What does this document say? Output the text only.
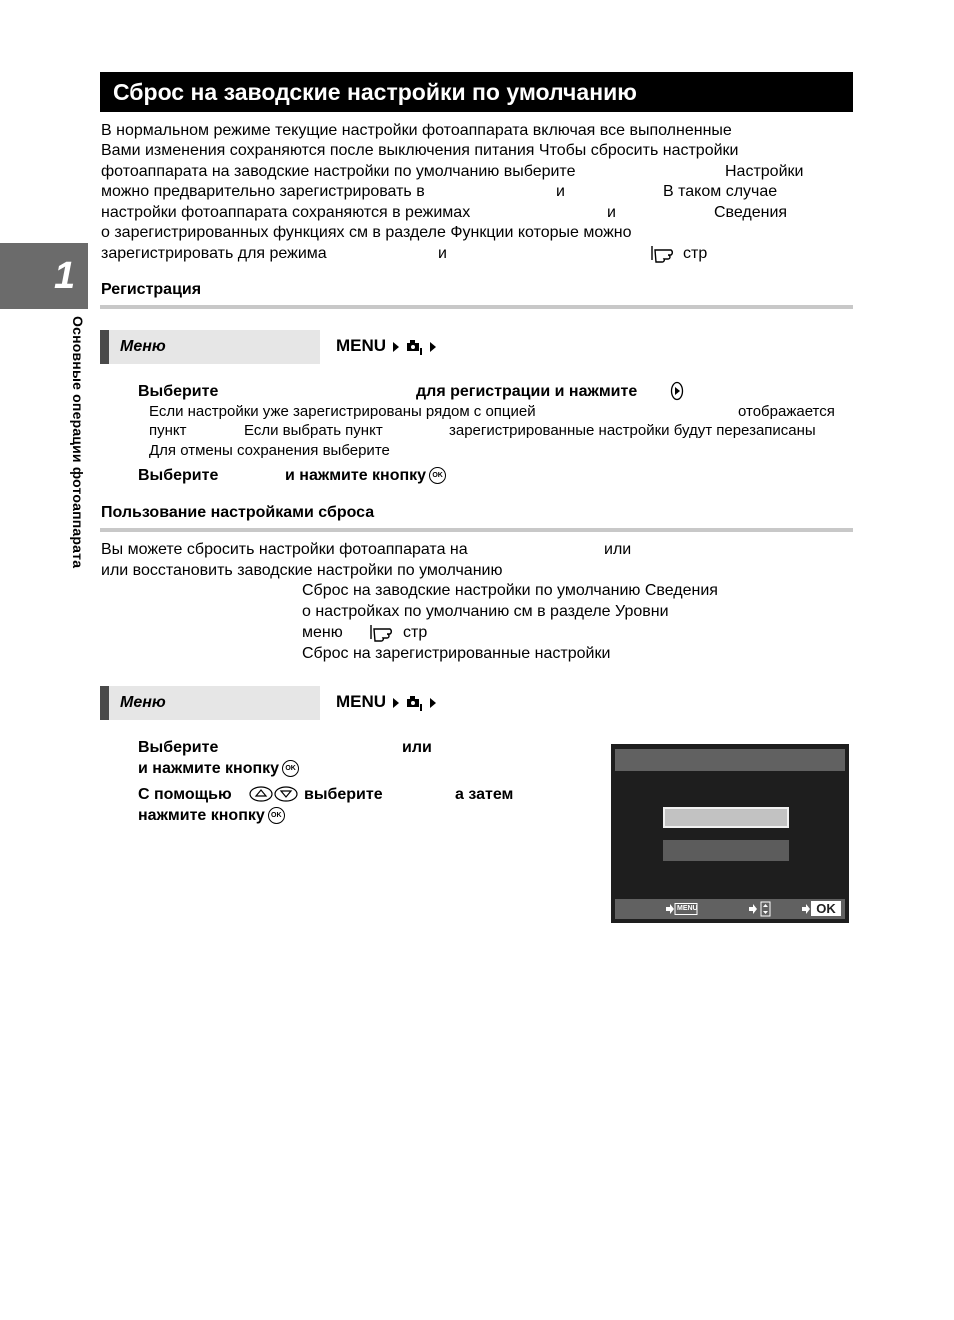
Сброс на заводские настройки по умолчанию
1
Основные операции фотоаппарата
В нормальном режиме текущие настройки фотоаппарата включая все выполненные
Вами изменения сохраняются после выключения питания Чтобы сбросить настройки
фотоаппарата на заводские настройки по умолчанию выберите	Настройки
можно предварительно зарегистрировать в	и	В таком случае
настройки фотоаппарата сохраняются в режимах	и	Сведения
о зарегистрированных функциях см в разделе Функции которые можно
зарегистрировать для режима	и	стр
Регистрация
Меню	MENU
Выберите	для регистрации и нажмите
Если настройки уже зарегистрированы рядом с опцией	отображается
пункт	Если выбрать пункт	зарегистрированные настройки будут перезаписаны
Для отмены сохранения выберите
Выберите	и нажмите кнопку OK
Пользование настройками сброса
Вы можете сбросить настройки фотоаппарата на	или
или восстановить заводские настройки по умолчанию
Сброс на заводские настройки по умолчанию Сведения
о настройках по умолчанию см в разделе Уровни
меню	стр
Сброс на зарегистрированные настройки
Меню	MENU
Выберите	или
и нажмите кнопку OK
С помощью	выберите	а затем
нажмите кнопку OK
MENU	OK
